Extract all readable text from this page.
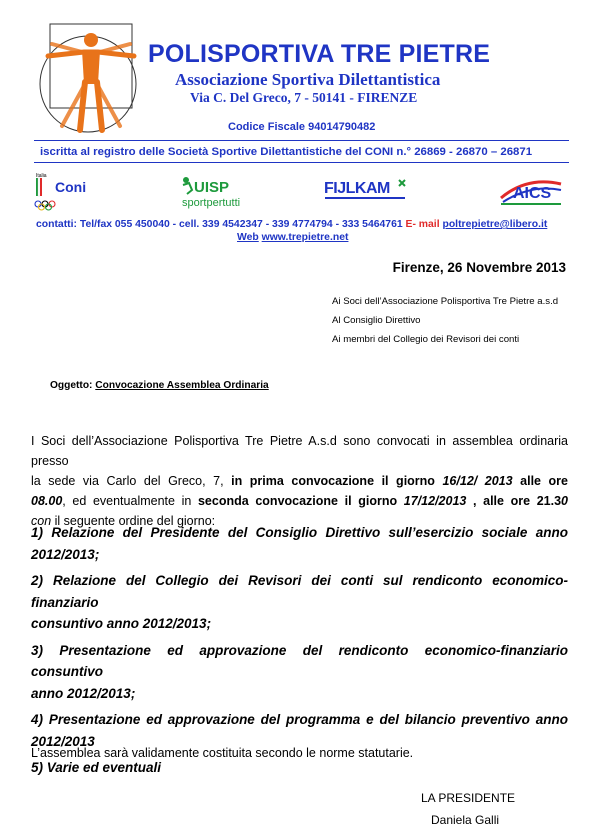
POLISPORTIVA TRE PIETRE
Associazione Sportiva Dilettantistica
Via C. Del Greco, 7 - 50141 - FIRENZE
Codice Fiscale 94014790482
iscritta al registro delle Società Sportive Dilettantistiche del CONI n.° 26869 - 26870 – 26871
Italia
Coni	UISP
sportpertutti
FIJLKAM	AICS
contatti: Tel/fax 055 450040 - cell. 339 4542347 - 339 4774794 - 333 5464761 E- mail poltrepietre@libero.it
Web www.trepietre.net
Firenze, 26 Novembre 2013
Ai Soci dell’Associazione Polisportiva Tre Pietre a.s.d
Al Consiglio Direttivo
Ai membri del Collegio dei Revisori dei conti
Oggetto: Convocazione Assemblea Ordinaria

I Soci dell’Associazione Polisportiva Tre Pietre A.s.d sono convocati in assemblea ordinaria presso

la sede via Carlo del Greco, 7, in prima convocazione il giorno 16/12/ 2013 alle ore

08.00, ed eventualmente in seconda convocazione il giorno 17/12/2013 , alle ore 21.30

con il seguente ordine del giorno:

1) Relazione del Presidente del Consiglio Direttivo sull’esercizio sociale anno

2012/2013;

2) Relazione del Collegio dei Revisori dei conti sul rendiconto economico-finanziario

consuntivo anno 2012/2013;

3) Presentazione ed approvazione del rendiconto economico-finanziario consuntivo

anno 2012/2013;

4) Presentazione ed approvazione del programma e del bilancio preventivo anno

2012/2013

5) Varie ed eventuali

L’assemblea sarà validamente costituita secondo le norme statutarie.
LA PRESIDENTE
Daniela Galli
